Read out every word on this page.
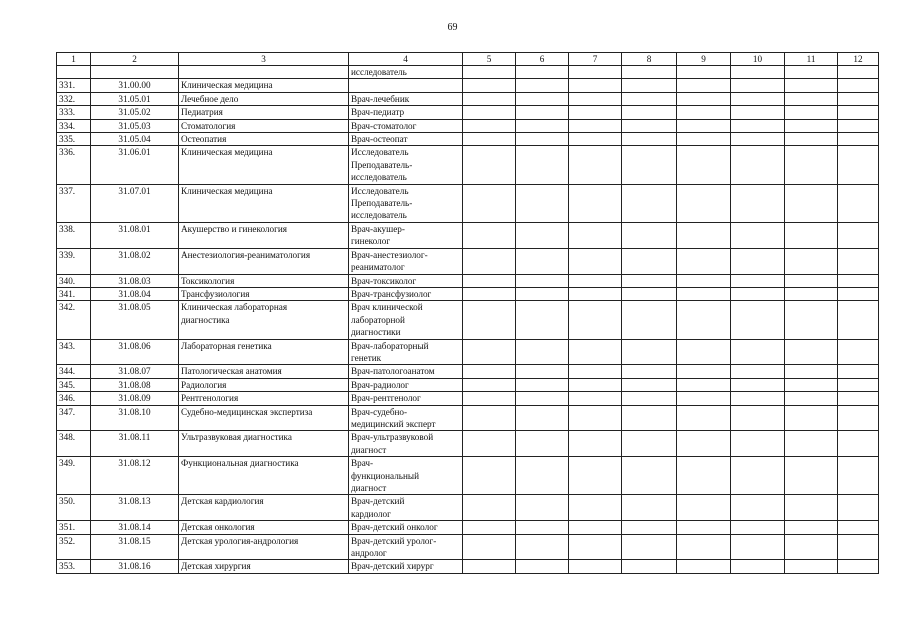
69
1	2	3	4	5	6	7	8	9	10	11	12

			исследователь								

331.	31.00.00	Клиническая медицина									

332.	31.05.01	Лечебное дело	Врач-лечебник								

333.	31.05.02	Педиатрия	Врач-педиатр								

334.	31.05.03	Стоматология	Врач-стоматолог								

335.	31.05.04	Остеопатия	Врач-остеопат								

336.	31.06.01	Клиническая медицина	Исследователь
Преподаватель-
исследователь								

337.	31.07.01	Клиническая медицина	Исследователь
Преподаватель-
исследователь								

338.	31.08.01	Акушерство и гинекология	Врач-акушер-
гинеколог								

339.	31.08.02	Анестезиология-реаниматология	Врач-анестезиолог-
реаниматолог								

340.	31.08.03	Токсикология	Врач-токсиколог								

341.	31.08.04	Трансфузиология	Врач-трансфузиолог								

342.	31.08.05	Клиническая лабораторная
диагностика	Врач клинической
лабораторной
диагностики								

343.	31.08.06	Лабораторная генетика	Врач-лабораторный
генетик								

344.	31.08.07	Патологическая анатомия	Врач-патологоанатом								

345.	31.08.08	Радиология	Врач-радиолог								

346.	31.08.09	Рентгенология	Врач-рентгенолог								

347.	31.08.10	Судебно-медицинская экспертиза	Врач-судебно-
медицинский эксперт								

348.	31.08.11	Ультразвуковая диагностика	Врач-ультразвуковой
диагност								

349.	31.08.12	Функциональная диагностика	Врач-
функциональный
диагност								

350.	31.08.13	Детская кардиология	Врач-детский
кардиолог								

351.	31.08.14	Детская онкология	Врач-детский онколог								

352.	31.08.15	Детская урология-андрология	Врач-детский уролог-
андролог								

353.	31.08.16	Детская хирургия	Врач-детский хирург								
